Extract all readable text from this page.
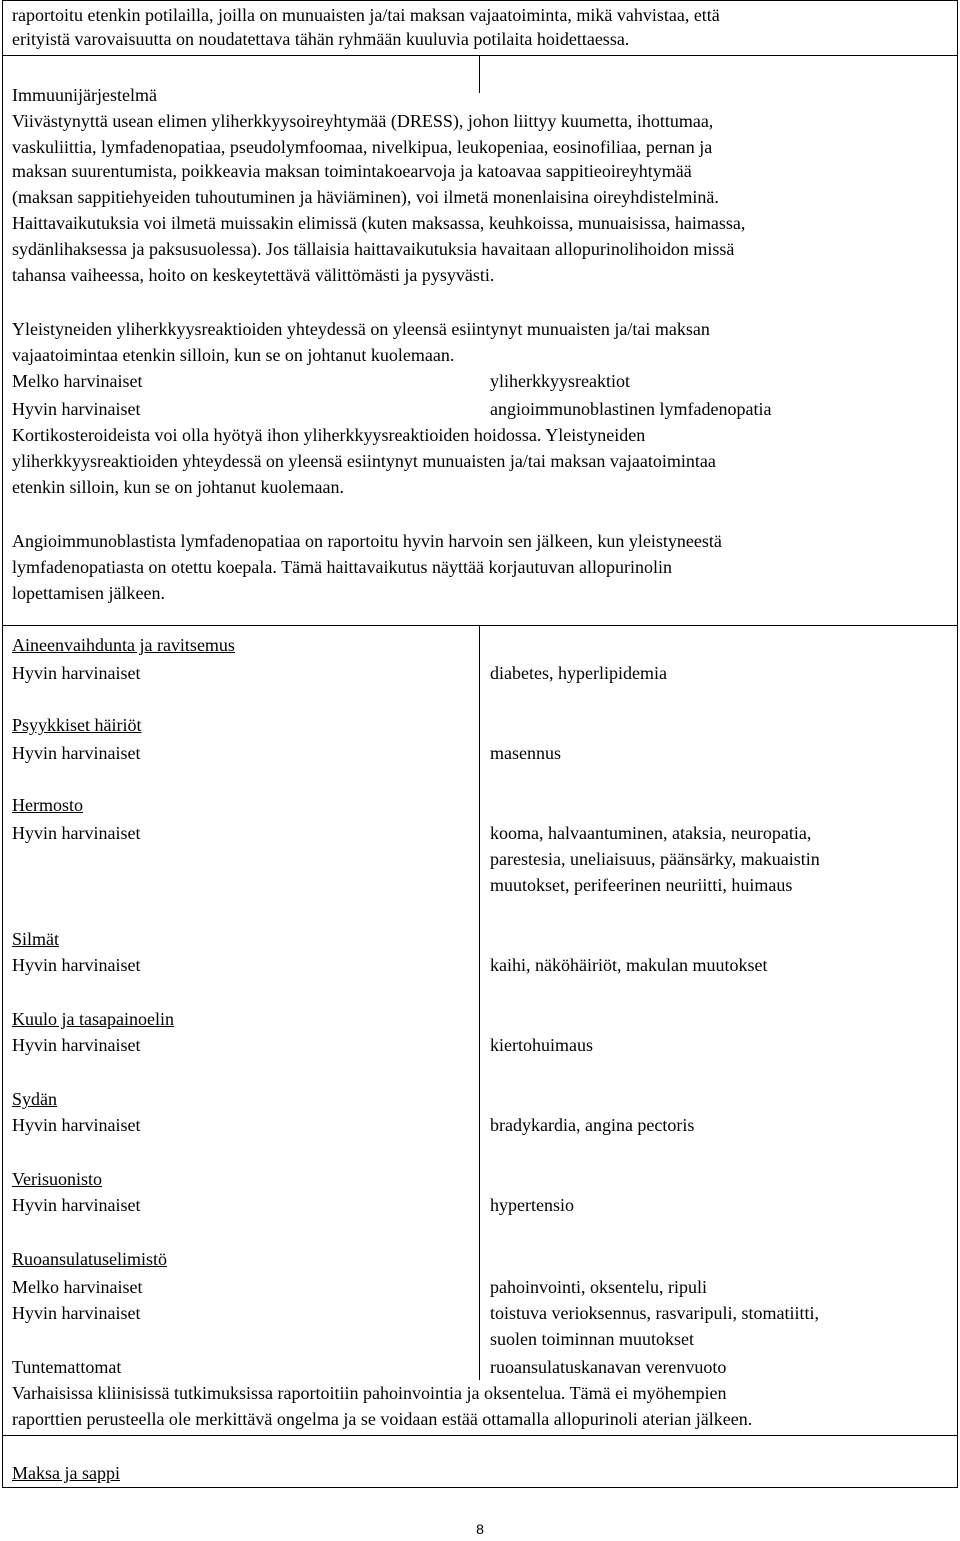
raportoitu etenkin potilailla, joilla on munuaisten ja/tai maksan vajaatoiminta, mikä vahvistaa, että
erityistä varovaisuutta on noudatettava tähän ryhmään kuuluvia potilaita hoidettaessa.
Immuunijärjestelmä
Viivästynyttä usean elimen yliherkkyysoireyhtymää (DRESS), johon liittyy kuumetta, ihottumaa,
vaskuliittia, lymfadenopatiaa, pseudolymfoomaa, nivelkipua, leukopeniaa, eosinofiliaa, pernan ja
maksan suurentumista, poikkeavia maksan toimintakoearvoja ja katoavaa sappitieoireyhtymää
(maksan sappitiehyeiden tuhoutuminen ja häviäminen), voi ilmetä monenlaisina oireyhdistelminä.
Haittavaikutuksia voi ilmetä muissakin elimissä (kuten maksassa, keuhkoissa, munuaisissa, haimassa,
sydänlihaksessa ja paksusuolessa). Jos tällaisia haittavaikutuksia havaitaan allopurinolihoidon missä
tahansa vaiheessa, hoito on keskeytettävä välittömästi ja pysyvästi.
Yleistyneiden yliherkkyysreaktioiden yhteydessä on yleensä esiintynyt munuaisten ja/tai maksan
vajaatoimintaa etenkin silloin, kun se on johtanut kuolemaan.
Melko harvinaiset	yliherkkyysreaktiot
Hyvin harvinaiset	angioimmunoblastinen lymfadenopatia
Kortikosteroideista voi olla hyötyä ihon yliherkkyysreaktioiden hoidossa. Yleistyneiden
yliherkkyysreaktioiden yhteydessä on yleensä esiintynyt munuaisten ja/tai maksan vajaatoimintaa
etenkin silloin, kun se on johtanut kuolemaan.
Angioimmunoblastista lymfadenopatiaa on raportoitu hyvin harvoin sen jälkeen, kun yleistyneestä
lymfadenopatiasta on otettu koepala. Tämä haittavaikutus näyttää korjautuvan allopurinolin
lopettamisen jälkeen.
Aineenvaihdunta ja ravitsemus
Hyvin harvinaiset	diabetes, hyperlipidemia
Psyykkiset häiriöt
Hyvin harvinaiset	masennus
Hermosto
Hyvin harvinaiset	kooma, halvaantuminen, ataksia, neuropatia,
parestesia, uneliaisuus, päänsärky, makuaistin
muutokset, perifeerinen neuriitti, huimaus
Silmät
Hyvin harvinaiset	kaihi, näköhäiriöt, makulan muutokset
Kuulo ja tasapainoelin
Hyvin harvinaiset	kiertohuimaus
Sydän
Hyvin harvinaiset	bradykardia, angina pectoris
Verisuonisto
Hyvin harvinaiset	hypertensio
Ruoansulatuselimistö
Melko harvinaiset	pahoinvointi, oksentelu, ripuli
Hyvin harvinaiset	toistuva verioksennus, rasvaripuli, stomatiitti,
suolen toiminnan muutokset
Tuntemattomat	ruoansulatuskanavan verenvuoto
Varhaisissa kliinisissä tutkimuksissa raportoitiin pahoinvointia ja oksentelua. Tämä ei myöhempien
raporttien perusteella ole merkittävä ongelma ja se voidaan estää ottamalla allopurinoli aterian jälkeen.
Maksa ja sappi
8
